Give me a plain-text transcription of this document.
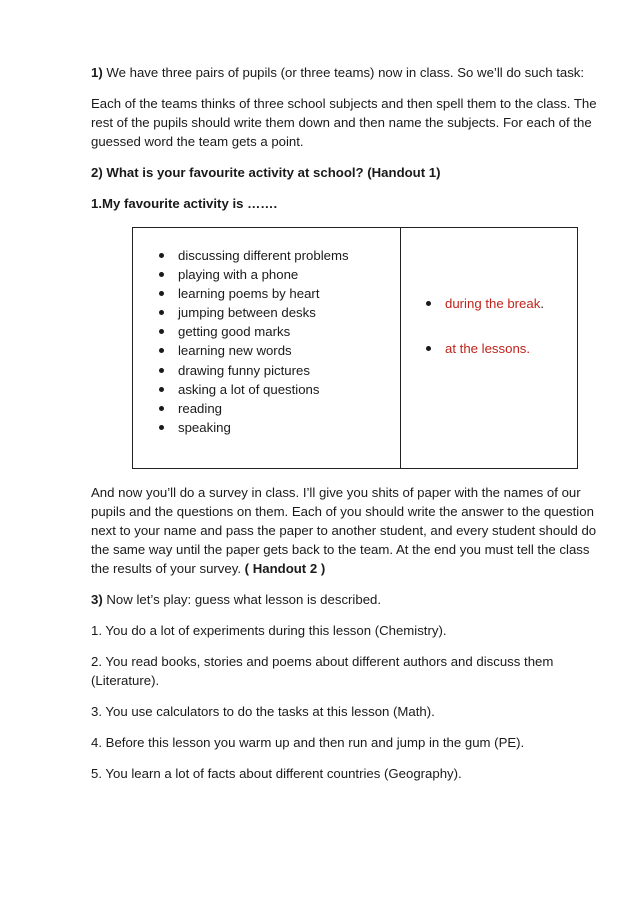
1) We have three pairs of pupils (or three teams) now in class. So we’ll do such task:

Each of the teams thinks of three school subjects and then spell them to the class. The rest of the pupils should write them down and then name the subjects. For each of the guessed word the team gets a point.

2) What is your favourite activity at school? (Handout 1)

1.My favourite activity is …….

discussing different problems
playing with a phone
learning poems by heart
jumping between desks
getting good marks
learning new words
drawing funny pictures
asking a lot of questions
reading
speaking
during the break.
at the lessons.

And now you’ll do a survey in class. I’ll give you shits of paper with the names of our pupils and the questions on them. Each of you should write the answer to the question next to your name and pass the paper to another student, and every student should do the same way until the paper gets back to the team. At the end you must tell the class the results of your survey. ( Handout 2 )

3) Now let’s play: guess what lesson is described.

1. You do a lot of experiments during this lesson (Chemistry).

2. You read books, stories and poems about different authors and discuss them (Literature).

3. You use calculators to do the tasks at this lesson (Math).

4. Before this lesson you warm up and then run and jump in the gum (PE).

5. You learn a lot of facts about different countries (Geography).
